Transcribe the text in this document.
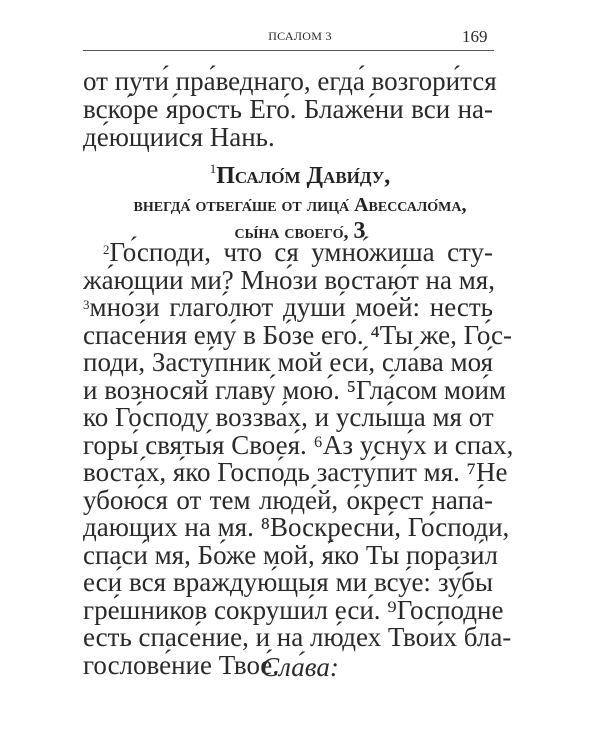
ПСАЛОМ 3	169
от пути́ пра́веднаго, егда́ возгори́тся
вско́ре я́рость Его́. Блаже́ни вси на-
де́ющиися Нань.
$^1$Псало́м Дави́ду,
внегда́ отбега́ше от лица́ Авессало́ма,
сы́на своего́, 3
$^2$Го́споди, что ся умно́жиша сту-
жа́ющии ми? Мно́зи востаю́т на мя,
$^3$мно́зи глаго́лют души́ мое́й: несть
спасе́ния ему́ в Бо́зе его́. ⁴Ты же, Го́с-
поди, Засту́пник мой еси́, сла́ва моя́
и возносяй главу́ мою́. ⁵Гла́сом мои́м
ко Го́споду воззва́х, и услы́ша мя от
горы́ святы́я Своея́. ⁶Аз усну́х и спах,
воста́х, я́ко Госпо́дь засту́пит мя. ⁷Не
убою́ся от тем люде́й, о́крест напа́-
дающих на мя. ⁸Воскресни́, Го́споди,
спаси́ мя, Бо́же мой, я́ко Ты порази́л
еси́ вся враждую́щыя ми всу́е: зу́бы
гре́шников сокруши́л еси́. ⁹Госпо́дне
есть спасе́ние, и на лю́дех Твои́х бла-
гослове́ние Твое́.
Сла́ва:
